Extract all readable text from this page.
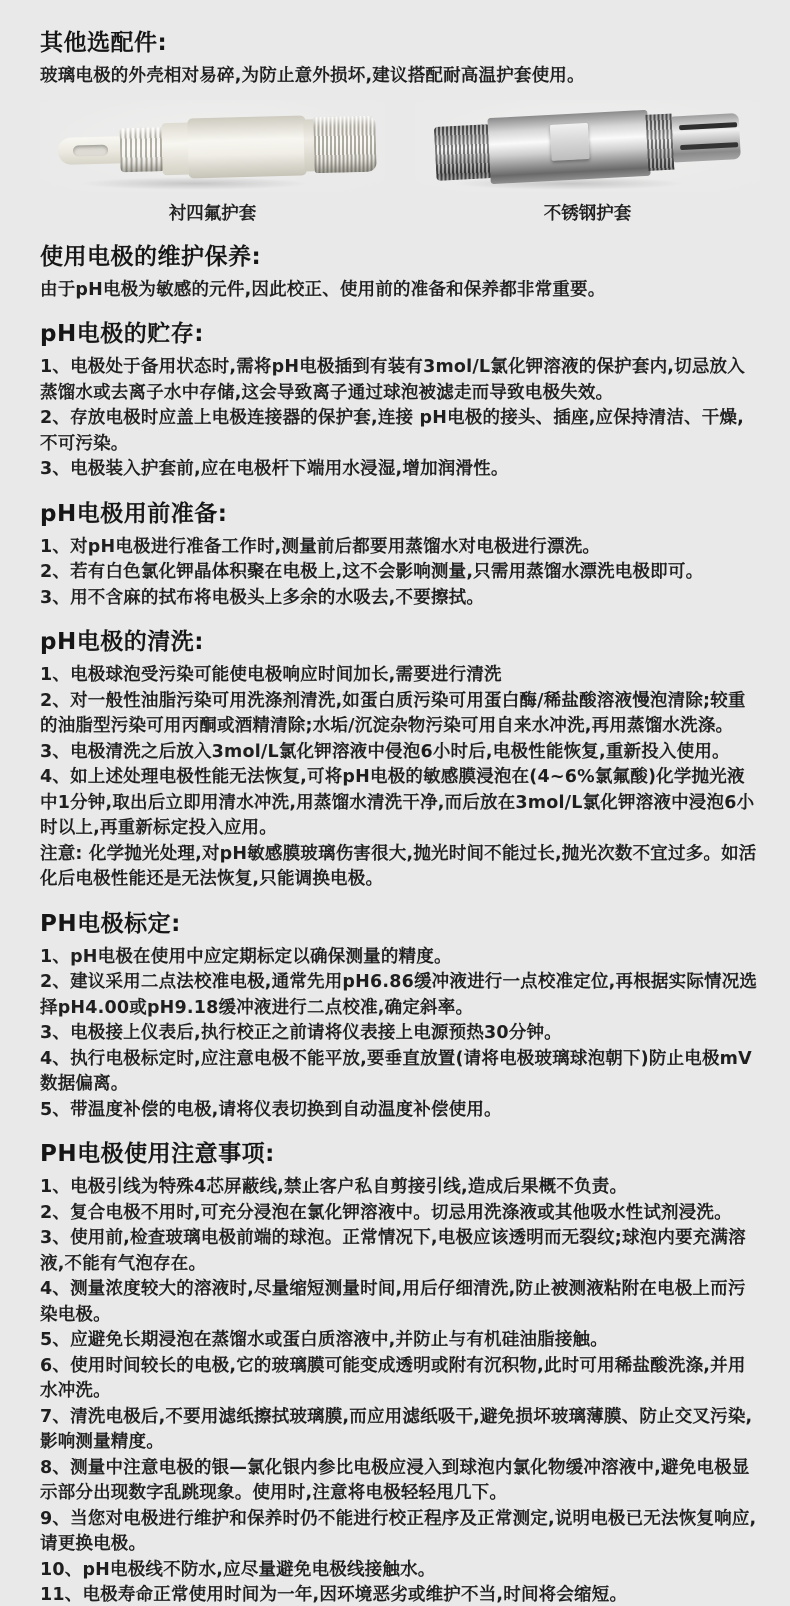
其他选配件:

玻璃电极的外壳相对易碎,为防止意外损坏,建议搭配耐高温护套使用。

衬四氟护套	不锈钢护套
使用电极的维护保养:

由于pH电极为敏感的元件,因此校正、使用前的准备和保养都非常重要。

pH电极的贮存:

1、电极处于备用状态时,需将pH电极插到有装有3mol/L氯化钾溶液的保护套内,切忌放入蒸馏水或去离子水中存储,这会导致离子通过球泡被滤走而导致电极失效。

2、存放电极时应盖上电极连接器的保护套,连接 pH电极的接头、插座,应保持清洁、干燥,不可污染。

3、电极装入护套前,应在电极杆下端用水浸湿,增加润滑性。

pH电极用前准备:

1、对pH电极进行准备工作时,测量前后都要用蒸馏水对电极进行漂洗。

2、若有白色氯化钾晶体积聚在电极上,这不会影响测量,只需用蒸馏水漂洗电极即可。

3、用不含麻的拭布将电极头上多余的水吸去,不要擦拭。

pH电极的清洗:

1、电极球泡受污染可能使电极响应时间加长,需要进行清洗

2、对一般性油脂污染可用洗涤剂清洗,如蛋白质污染可用蛋白酶/稀盐酸溶液慢泡清除;较重的油脂型污染可用丙酮或酒精清除;水垢/沉淀杂物污染可用自来水冲洗,再用蒸馏水洗涤。

3、电极清洗之后放入3mol/L氯化钾溶液中侵泡6小时后,电极性能恢复,重新投入使用。

4、如上述处理电极性能无法恢复,可将pH电极的敏感膜浸泡在(4~6%氯氟酸)化学抛光液中1分钟,取出后立即用清水冲洗,用蒸馏水清洗干净,而后放在3mol/L氯化钾溶液中浸泡6小时以上,再重新标定投入应用。

注意: 化学抛光处理,对pH敏感膜玻璃伤害很大,抛光时间不能过长,抛光次数不宜过多。如活化后电极性能还是无法恢复,只能调换电极。

PH电极标定:

1、pH电极在使用中应定期标定以确保测量的精度。

2、建议采用二点法校准电极,通常先用pH6.86缓冲液进行一点校准定位,再根据实际情况选择pH4.00或pH9.18缓冲液进行二点校准,确定斜率。

3、电极接上仪表后,执行校正之前请将仪表接上电源预热30分钟。

4、执行电极标定时,应注意电极不能平放,要垂直放置(请将电极玻璃球泡朝下)防止电极mV数据偏离。

5、带温度补偿的电极,请将仪表切换到自动温度补偿使用。

PH电极使用注意事项:

1、电极引线为特殊4芯屏蔽线,禁止客户私自剪接引线,造成后果概不负责。

2、复合电极不用时,可充分浸泡在氯化钾溶液中。切忌用洗涤液或其他吸水性试剂浸洗。

3、使用前,检查玻璃电极前端的球泡。正常情况下,电极应该透明而无裂纹;球泡内要充满溶液,不能有气泡存在。

4、测量浓度较大的溶液时,尽量缩短测量时间,用后仔细清洗,防止被测液粘附在电极上而污染电极。

5、应避免长期浸泡在蒸馏水或蛋白质溶液中,并防止与有机硅油脂接触。

6、使用时间较长的电极,它的玻璃膜可能变成透明或附有沉积物,此时可用稀盐酸洗涤,并用水冲洗。

7、清洗电极后,不要用滤纸擦拭玻璃膜,而应用滤纸吸干,避免损坏玻璃薄膜、防止交叉污染,影响测量精度。

8、测量中注意电极的银—氯化银内参比电极应浸入到球泡内氯化物缓冲溶液中,避免电极显示部分出现数字乱跳现象。使用时,注意将电极轻轻甩几下。

9、当您对电极进行维护和保养时仍不能进行校正程序及正常测定,说明电极已无法恢复响应,请更换电极。

10、pH电极线不防水,应尽量避免电极线接触水。

11、电极寿命正常使用时间为一年,因环境恶劣或维护不当,时间将会缩短。
